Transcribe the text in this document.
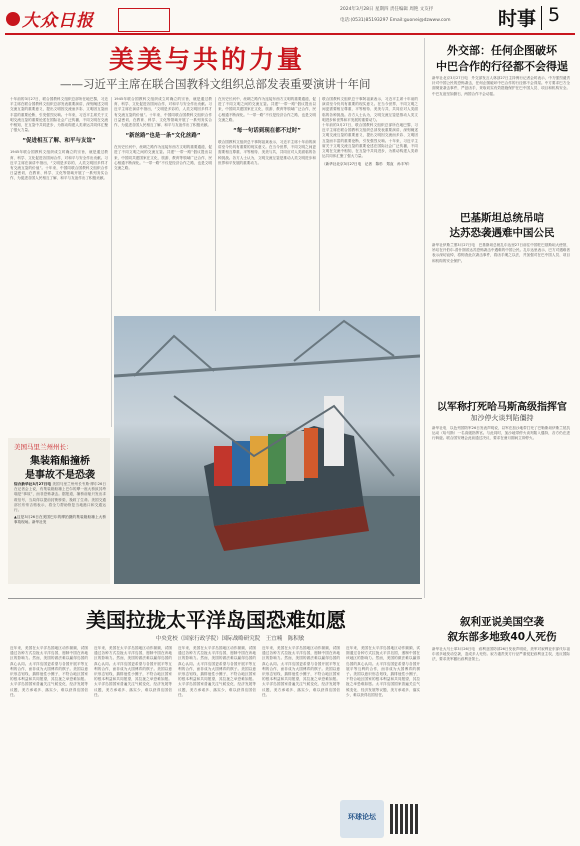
大众日报
2024年3月28日 星期四 责任编辑 周艳 文友抒
电话:(0531)85193297 Email:guonei@dzwww.com 时事 5
美美与共的力量
——习近平主席在联合国教科文组织总部发表重要演讲十年间
十年前的3月27日，联合国教科文组织总部所在地巴黎，习近平主席在联合国教科文组织总部发表重要演讲，深刻阐述文明交流互鉴的重要意义，提出文明因交流而多彩、文明因互鉴而丰富的重要论断，引发强烈反响。十年来，习近平主席关于文明交流互鉴的重要论述在国际社会广泛传播，不同文明在交流中相知，在互鉴中共同进步，为推动构建人类命运共同体汇聚了强大力量。
“促进相互了解、和平与友谊”
1945年联合国教科文组织成立时确立的宗旨，就是通过教育、科学、文化促进各国间合作，对和平与安全作出贡献。习近平主席在演讲中指出，“文明是多彩的，人类文明因多样才有交流互鉴的价值”。十年来，中国同联合国教科文组织合作日益密切，在教育、科学、文化等领域开展了一系列务实合作，为促进各国人民相互了解、和平与友谊作出了积极贡献。
1945年联合国教科文组织成立时确立的宗旨，就是通过教育、科学、文化促进各国间合作，对和平与安全作出贡献。习近平主席在演讲中指出，“文明是多彩的，人类文明因多样才有交流互鉴的价值”。十年来，中国同联合国教科文组织合作日益密切，在教育、科学、文化等领域开展了一系列务实合作，为促进各国人民相互了解、和平与友谊作出了积极贡献。
“新丝路”也是一条“文化丝路”
在历史长河中，丝绸之路作为连接东西方文明的重要通道，促进了不同文明之间的交流互鉴。共建“一带一路”倡议提出以来，中国同共建国家在文化、旅游、教育等领域广泛合作，民心相通不断深化。“一带一路”不仅是经济合作之路，也是文明交流之路。
在历史长河中，丝绸之路作为连接东西方文明的重要通道，促进了不同文明之间的交流互鉴。共建“一带一路”倡议提出以来，中国同共建国家在文化、旅游、教育等领域广泛合作，民心相通不断深化。“一带一路”不仅是经济合作之路，也是文明交流之路。
“每一句话到现在都不过时”
联合国教科文组织总干事阿祖莱表示，习近平主席十年前的演讲至今仍具有重要的现实意义。在当今世界，不同文明之间更需要相互尊重、平等相待、美美与共，共同应对人类面临的各种挑战。各方人士认为，文明交流互鉴是推动人类文明进步和世界和平发展的重要动力。
联合国教科文组织总干事阿祖莱表示，习近平主席十年前的演讲至今仍具有重要的现实意义。在当今世界，不同文明之间更需要相互尊重、平等相待、美美与共，共同应对人类面临的各种挑战。各方人士认为，文明交流互鉴是推动人类文明进步和世界和平发展的重要动力。
十年前的3月27日，联合国教科文组织总部所在地巴黎，习近平主席在联合国教科文组织总部发表重要演讲，深刻阐述文明交流互鉴的重要意义，提出文明因交流而多彩、文明因互鉴而丰富的重要论断，引发强烈反响。十年来，习近平主席关于文明交流互鉴的重要论述在国际社会广泛传播，不同文明在交流中相知，在互鉴中共同进步，为推动构建人类命运共同体汇聚了强大力量。
（新华社北京3月27日电　记者　陈杉　郑直　孙丰军）
美国马里兰州州长：
集装箱船撞桥
是事故不是恐袭
综合新华社3月27日电 美国马里兰州州长韦斯·摩尔26日在记者会上说，有集装箱船撞上巴尔的摩一座大桥致其垮塌是“事故”，而非恐怖袭击。据报道，撞桥前船只发出求救信号，当局得以提前封锁桥梁，挽救了生命。美国交通部长布蒂吉格表示，将全力帮助恢复当地港口和交通运行。
▲这是3月26日在美国巴尔的摩拍摄的集装箱船撞上大桥事故现场。新华社发
外交部：任何企图破坏
中巴合作的行径都不会得逞
新华社北京3月27日电　外交部发言人林剑27日主持例行记者会时表示，中方强烈谴责针对中国公民的恐怖袭击，任何企图破坏中巴合作的行径都不会得逞。中方要求巴方全面彻查袭击事件，严惩凶手，采取切实有效措施保护在巴中国人员、项目和机构安全。中巴友谊坚如磐石，两国合作不会动摇。
巴基斯坦总统吊唁
达苏恐袭遇难中国公民
新华社伊斯兰堡3月27日电　巴基斯坦总统扎尔达里27日前往中国驻巴基斯坦大使馆，吊唁在开伯尔-普什图省达苏恐怖袭击中遇难的中国公民。扎尔达里表示，巴方对遇难者表示深切哀悼，将彻查此次袭击事件，将凶手绳之以法，并加强对在巴中国人员、项目和机构的安全保护。
以军称打死哈马斯高级指挥官
加沙停火谈判陷僵持
新华社电　以色列国防军26日发表声明说，以军在加沙地带打死了巴勒斯坦伊斯兰抵抗运动（哈马斯）一名高级指挥官。与此同时，加沙地带停火谈判陷入僵持，各方仍在进行斡旋。联合国安理会此前通过决议，要求在斋月期间立即停火。
叙利亚说美国空袭
叙东部多地致40人死伤
新华社大马士革3月26日电　叙利亚国防部26日发表声明说，美军对叙利亚东部代尔祖尔省多地发动空袭，造成多人死伤。叙方谴责美方行径严重侵犯叙利亚主权，违反国际法，要求美军撤出叙利亚领土。
美国拉拢太平洋岛国恐难如愿
中央党校（国家行政学院）国际战略研究院　王宜喃　陈积敏
近年来，美国在太平洋岛国地区动作频频，试图通过各种方式拉拢太平洋岛国，遏制中国在该地区的影响力。然而，美国的做法难以赢得岛国的真心认同。太平洋岛国更希望与各国开展平等互利的合作，而非成为大国博弈的棋子。美国以意识形态划线，搞排他性小圈子，不符合地区国家的根本利益和共同愿望，其拉拢之举恐难如愿。太平洋岛国国家普遍关注气候变化、经济发展等议题，美方承诺多、落实少，难以获得岛国信任。
近年来，美国在太平洋岛国地区动作频频，试图通过各种方式拉拢太平洋岛国，遏制中国在该地区的影响力。然而，美国的做法难以赢得岛国的真心认同。太平洋岛国更希望与各国开展平等互利的合作，而非成为大国博弈的棋子。美国以意识形态划线，搞排他性小圈子，不符合地区国家的根本利益和共同愿望，其拉拢之举恐难如愿。太平洋岛国国家普遍关注气候变化、经济发展等议题，美方承诺多、落实少，难以获得岛国信任。
近年来，美国在太平洋岛国地区动作频频，试图通过各种方式拉拢太平洋岛国，遏制中国在该地区的影响力。然而，美国的做法难以赢得岛国的真心认同。太平洋岛国更希望与各国开展平等互利的合作，而非成为大国博弈的棋子。美国以意识形态划线，搞排他性小圈子，不符合地区国家的根本利益和共同愿望，其拉拢之举恐难如愿。太平洋岛国国家普遍关注气候变化、经济发展等议题，美方承诺多、落实少，难以获得岛国信任。
近年来，美国在太平洋岛国地区动作频频，试图通过各种方式拉拢太平洋岛国，遏制中国在该地区的影响力。然而，美国的做法难以赢得岛国的真心认同。太平洋岛国更希望与各国开展平等互利的合作，而非成为大国博弈的棋子。美国以意识形态划线，搞排他性小圈子，不符合地区国家的根本利益和共同愿望，其拉拢之举恐难如愿。太平洋岛国国家普遍关注气候变化、经济发展等议题，美方承诺多、落实少，难以获得岛国信任。
近年来，美国在太平洋岛国地区动作频频，试图通过各种方式拉拢太平洋岛国，遏制中国在该地区的影响力。然而，美国的做法难以赢得岛国的真心认同。太平洋岛国更希望与各国开展平等互利的合作，而非成为大国博弈的棋子。美国以意识形态划线，搞排他性小圈子，不符合地区国家的根本利益和共同愿望，其拉拢之举恐难如愿。太平洋岛国国家普遍关注气候变化、经济发展等议题，美方承诺多、落实少，难以获得岛国信任。
环球论坛
